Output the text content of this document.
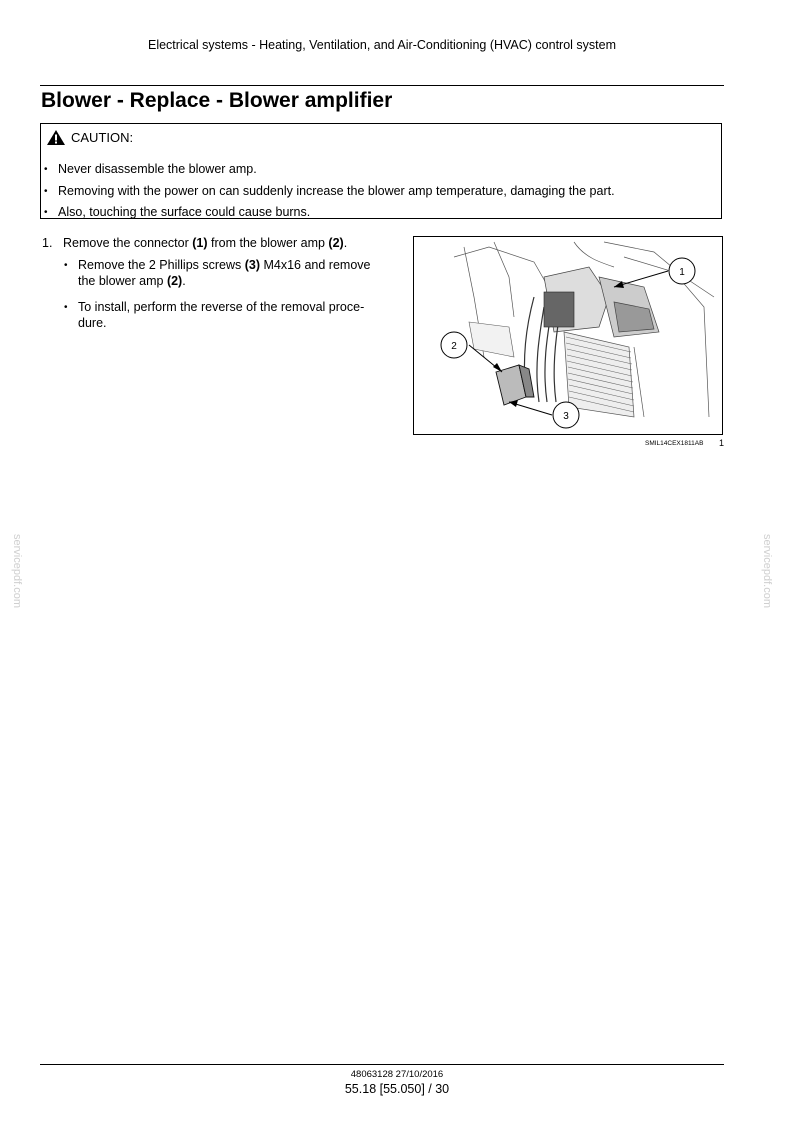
Electrical systems - Heating, Ventilation, and Air-Conditioning (HVAC) control system
Blower - Replace - Blower amplifier
CAUTION:
• Never disassemble the blower amp.
• Removing with the power on can suddenly increase the blower amp temperature, damaging the part.
• Also, touching the surface could cause burns.
1. Remove the connector (1) from the blower amp (2).
• Remove the 2 Phillips screws (3) M4x16 and remove the blower amp (2).
• To install, perform the reverse of the removal proce-dure.
1
2
3
SMIL14CEX1811AB 1
servicepdf.com	servicepdf.com
48063128 27/10/2016
55.18 [55.050] / 30
